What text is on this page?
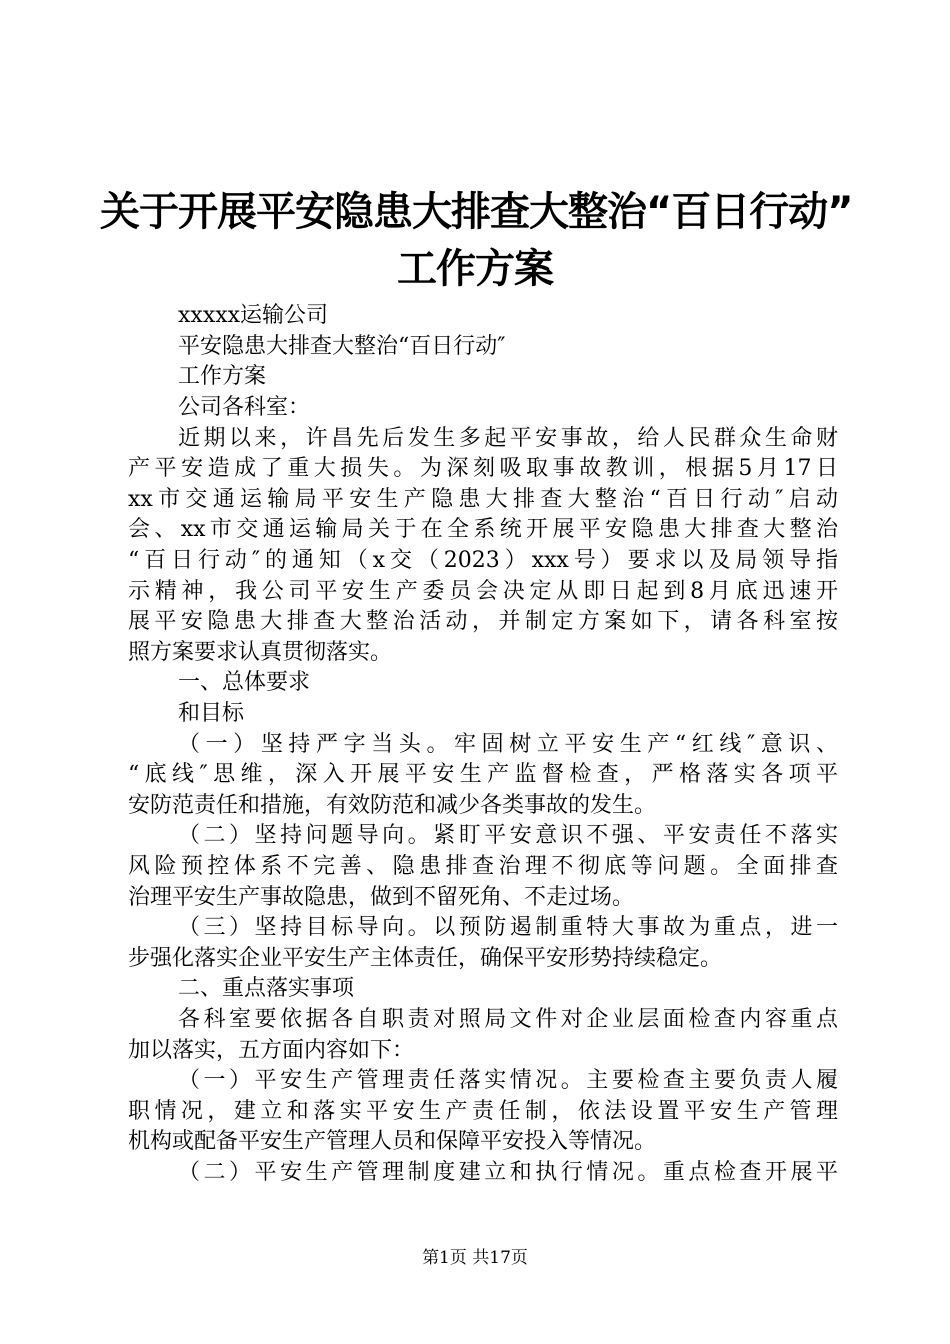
关于开展平安隐患大排查大整治“百日行动”
工作方案
xxxxx运输公司
平安隐患大排查大整治“百日行动″
工作方案
公司各科室：
近期以来，许昌先后发生多起平安事故，给人民群众生命财
产平安造成了重大损失。为深刻吸取事故教训，根据5月17日
xx市交通运输局平安生产隐患大排查大整治“百日行动″启动
会、xx市交通运输局关于在全系统开展平安隐患大排查大整治
“百日行动″的通知（x交（2023）xxx号）要求以及局领导指
示精神，我公司平安生产委员会决定从即日起到8月底迅速开
展平安隐患大排查大整治活动，并制定方案如下，请各科室按
照方案要求认真贯彻落实。
一、总体要求
和目标
（一）坚持严字当头。牢固树立平安生产“红线″意识、
“底线″思维，深入开展平安生产监督检查，严格落实各项平
安防范责任和措施，有效防范和减少各类事故的发生。
（二）坚持问题导向。紧盯平安意识不强、平安责任不落实
风险预控体系不完善、隐患排查治理不彻底等问题。全面排查
治理平安生产事故隐患，做到不留死角、不走过场。
（三）坚持目标导向。以预防遏制重特大事故为重点，进一
步强化落实企业平安生产主体责任，确保平安形势持续稳定。
二、重点落实事项
各科室要依据各自职责对照局文件对企业层面检查内容重点
加以落实，五方面内容如下：
（一）平安生产管理责任落实情况。主要检查主要负责人履
职情况，建立和落实平安生产责任制，依法设置平安生产管理
机构或配备平安生产管理人员和保障平安投入等情况。
（二）平安生产管理制度建立和执行情况。重点检查开展平
第1页 共17页
